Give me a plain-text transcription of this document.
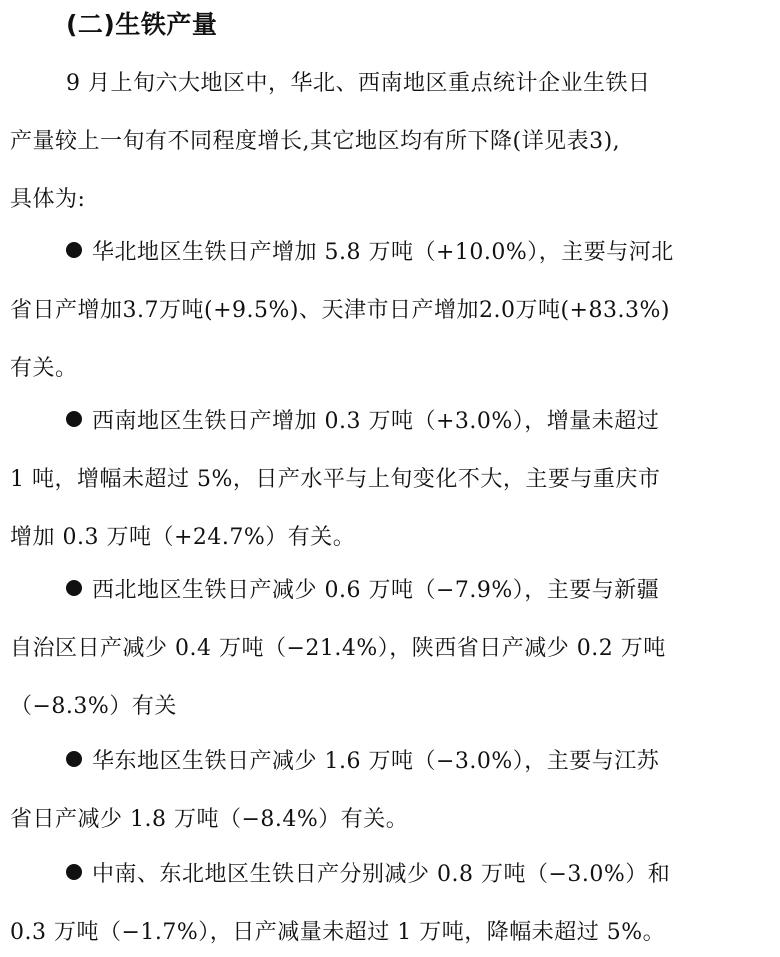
(二)生铁产量
9 月上旬六大地区中，华北、西南地区重点统计企业生铁日
产量较上一旬有不同程度增长,其它地区均有所下降(详见表3),
具体为:
华北地区生铁日产增加 5.8 万吨（+10.0%），主要与河北
省日产增加3.7万吨(+9.5%)、天津市日产增加2.0万吨(+83.3%)
有关。
西南地区生铁日产增加 0.3 万吨（+3.0%），增量未超过
1 吨，增幅未超过 5%，日产水平与上旬变化不大，主要与重庆市
增加 0.3 万吨（+24.7%）有关。
西北地区生铁日产减少 0.6 万吨（−7.9%），主要与新疆
自治区日产减少 0.4 万吨（−21.4%），陕西省日产减少 0.2 万吨
（−8.3%）有关
华东地区生铁日产减少 1.6 万吨（−3.0%），主要与江苏
省日产减少 1.8 万吨（−8.4%）有关。
中南、东北地区生铁日产分别减少 0.8 万吨（−3.0%）和
0.3 万吨（−1.7%），日产减量未超过 1 万吨，降幅未超过 5%。
